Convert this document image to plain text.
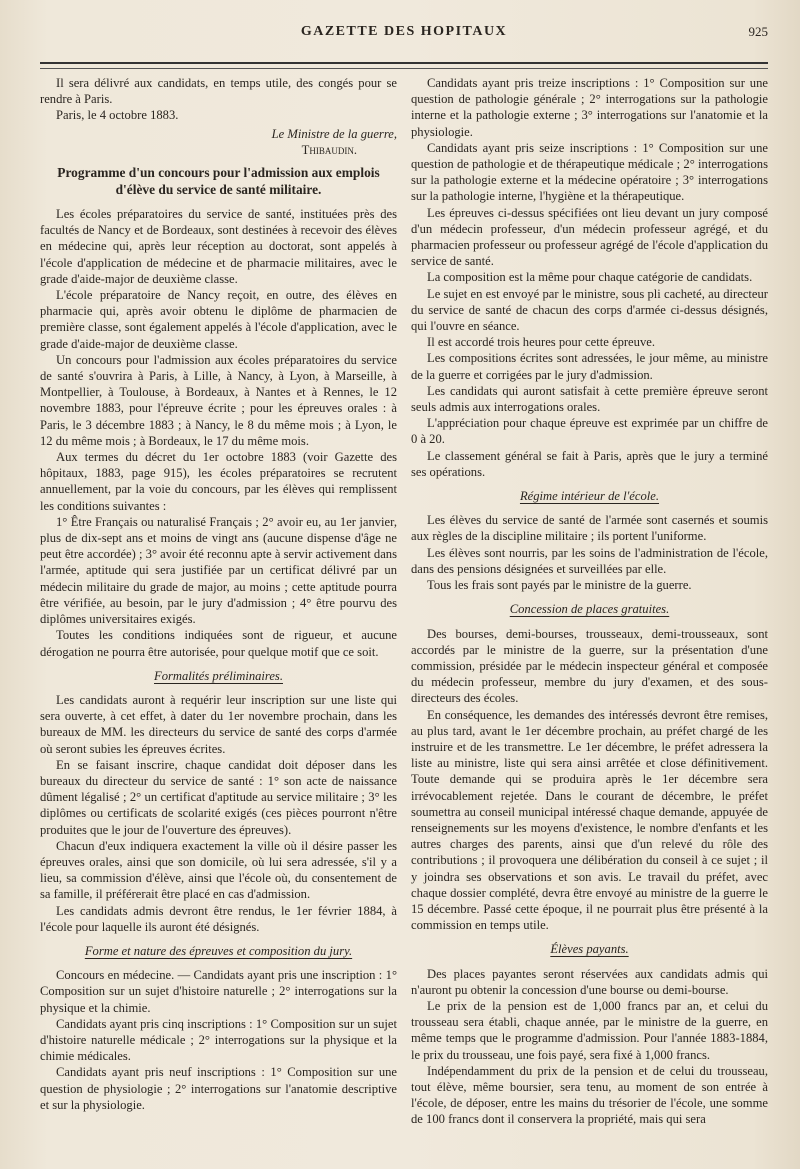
GAZETTE DES HOPITAUX	925

Il sera délivré aux candidats, en temps utile, des congés pour se rendre à Paris.

Paris, le 4 octobre 1883.

Le Ministre de la guerre,
Thibaudin.
Programme d'un concours pour l'admission aux emplois d'élève du service de santé militaire.

Les écoles préparatoires du service de santé, instituées près des facultés de Nancy et de Bordeaux, sont destinées à recevoir des élèves en médecine qui, après leur réception au doctorat, sont appelés à l'école d'application de médecine et de pharmacie militaires, avec le grade d'aide-major de deuxième classe.

L'école préparatoire de Nancy reçoit, en outre, des élèves en pharmacie qui, après avoir obtenu le diplôme de pharmacien de première classe, sont également appelés à l'école d'application, avec le grade d'aide-major de deuxième classe.

Un concours pour l'admission aux écoles préparatoires du service de santé s'ouvrira à Paris, à Lille, à Nancy, à Lyon, à Marseille, à Montpellier, à Toulouse, à Bordeaux, à Nantes et à Rennes, le 12 novembre 1883, pour l'épreuve écrite ; pour les épreuves orales : à Paris, le 3 décembre 1883 ; à Nancy, le 8 du même mois ; à Lyon, le 12 du même mois ; à Bordeaux, le 17 du même mois.

Aux termes du décret du 1er octobre 1883 (voir Gazette des hôpitaux, 1883, page 915), les écoles préparatoires se recrutent annuellement, par la voie du concours, par les élèves qui remplissent les conditions suivantes :

1° Être Français ou naturalisé Français ; 2° avoir eu, au 1er janvier, plus de dix-sept ans et moins de vingt ans (aucune dispense d'âge ne peut être accordée) ; 3° avoir été reconnu apte à servir activement dans l'armée, aptitude qui sera justifiée par un certificat délivré par un médecin militaire du grade de major, au moins ; cette aptitude pourra être vérifiée, au besoin, par le jury d'admission ; 4° être pourvu des diplômes universitaires exigés.

Toutes les conditions indiquées sont de rigueur, et aucune dérogation ne pourra être autorisée, pour quelque motif que ce soit.

Formalités préliminaires.

Les candidats auront à requérir leur inscription sur une liste qui sera ouverte, à cet effet, à dater du 1er novembre prochain, dans les bureaux de MM. les directeurs du service de santé des corps d'armée où seront subies les épreuves écrites.

En se faisant inscrire, chaque candidat doit déposer dans les bureaux du directeur du service de santé : 1° son acte de naissance dûment légalisé ; 2° un certificat d'aptitude au service militaire ; 3° les diplômes ou certificats de scolarité exigés (ces pièces pourront n'être produites que le jour de l'ouverture des épreuves).

Chacun d'eux indiquera exactement la ville où il désire passer les épreuves orales, ainsi que son domicile, où lui sera adressée, s'il y a lieu, sa commission d'élève, ainsi que l'école où, du consentement de sa famille, il préférerait être placé en cas d'admission.

Les candidats admis devront être rendus, le 1er février 1884, à l'école pour laquelle ils auront été désignés.

Forme et nature des épreuves et composition du jury.

Concours en médecine. — Candidats ayant pris une inscription : 1° Composition sur un sujet d'histoire naturelle ; 2° interrogations sur la physique et la chimie.

Candidats ayant pris cinq inscriptions : 1° Composition sur un sujet d'histoire naturelle médicale ; 2° interrogations sur la physique et la chimie médicales.

Candidats ayant pris neuf inscriptions : 1° Composition sur une question de physiologie ; 2° interrogations sur l'anatomie descriptive et sur la physiologie.

Candidats ayant pris treize inscriptions : 1° Composition sur une question de pathologie générale ; 2° interrogations sur la pathologie interne et la pathologie externe ; 3° interrogations sur l'anatomie et la physiologie.

Candidats ayant pris seize inscriptions : 1° Composition sur une question de pathologie et de thérapeutique médicale ; 2° interrogations sur la pathologie externe et la médecine opératoire ; 3° interrogations sur la pathologie interne, l'hygiène et la thérapeutique.

Les épreuves ci-dessus spécifiées ont lieu devant un jury composé d'un médecin professeur, d'un médecin professeur agrégé, et du pharmacien professeur ou professeur agrégé de l'école d'application du service de santé.

La composition est la même pour chaque catégorie de candidats.

Le sujet en est envoyé par le ministre, sous pli cacheté, au directeur du service de santé de chacun des corps d'armée ci-dessus désignés, qui l'ouvre en séance.

Il est accordé trois heures pour cette épreuve.

Les compositions écrites sont adressées, le jour même, au ministre de la guerre et corrigées par le jury d'admission.

Les candidats qui auront satisfait à cette première épreuve seront seuls admis aux interrogations orales.

L'appréciation pour chaque épreuve est exprimée par un chiffre de 0 à 20.

Le classement général se fait à Paris, après que le jury a terminé ses opérations.

Régime intérieur de l'école.

Les élèves du service de santé de l'armée sont casernés et soumis aux règles de la discipline militaire ; ils portent l'uniforme.

Les élèves sont nourris, par les soins de l'administration de l'école, dans des pensions désignées et surveillées par elle.

Tous les frais sont payés par le ministre de la guerre.

Concession de places gratuites.

Des bourses, demi-bourses, trousseaux, demi-trousseaux, sont accordés par le ministre de la guerre, sur la présentation d'une commission, présidée par le médecin inspecteur général et composée du médecin professeur, membre du jury d'examen, et des sous-directeurs des écoles.

En conséquence, les demandes des intéressés devront être remises, au plus tard, avant le 1er décembre prochain, au préfet chargé de les instruire et de les transmettre. Le 1er décembre, le préfet adressera la liste au ministre, liste qui sera ainsi arrêtée et close définitivement. Toute demande qui se produira après le 1er décembre sera irrévocablement rejetée. Dans le courant de décembre, le préfet soumettra au conseil municipal intéressé chaque demande, appuyée de renseignements sur les moyens d'existence, le nombre d'enfants et les autres charges des parents, ainsi que d'un relevé du rôle des contributions ; il provoquera une délibération du conseil à ce sujet ; il y joindra ses observations et son avis. Le travail du préfet, avec chaque dossier complété, devra être envoyé au ministre de la guerre le 15 décembre. Passé cette époque, il ne pourrait plus être présenté à la commission en temps utile.

Élèves payants.

Des places payantes seront réservées aux candidats admis qui n'auront pu obtenir la concession d'une bourse ou demi-bourse.

Le prix de la pension est de 1,000 francs par an, et celui du trousseau sera établi, chaque année, par le ministre de la guerre, en même temps que le programme d'admission. Pour l'année 1883-1884, le prix du trousseau, une fois payé, sera fixé à 1,000 francs.

Indépendamment du prix de la pension et de celui du trousseau, tout élève, même boursier, sera tenu, au moment de son entrée à l'école, de déposer, entre les mains du trésorier de l'école, une somme de 100 francs dont il conservera la propriété, mais qui sera
